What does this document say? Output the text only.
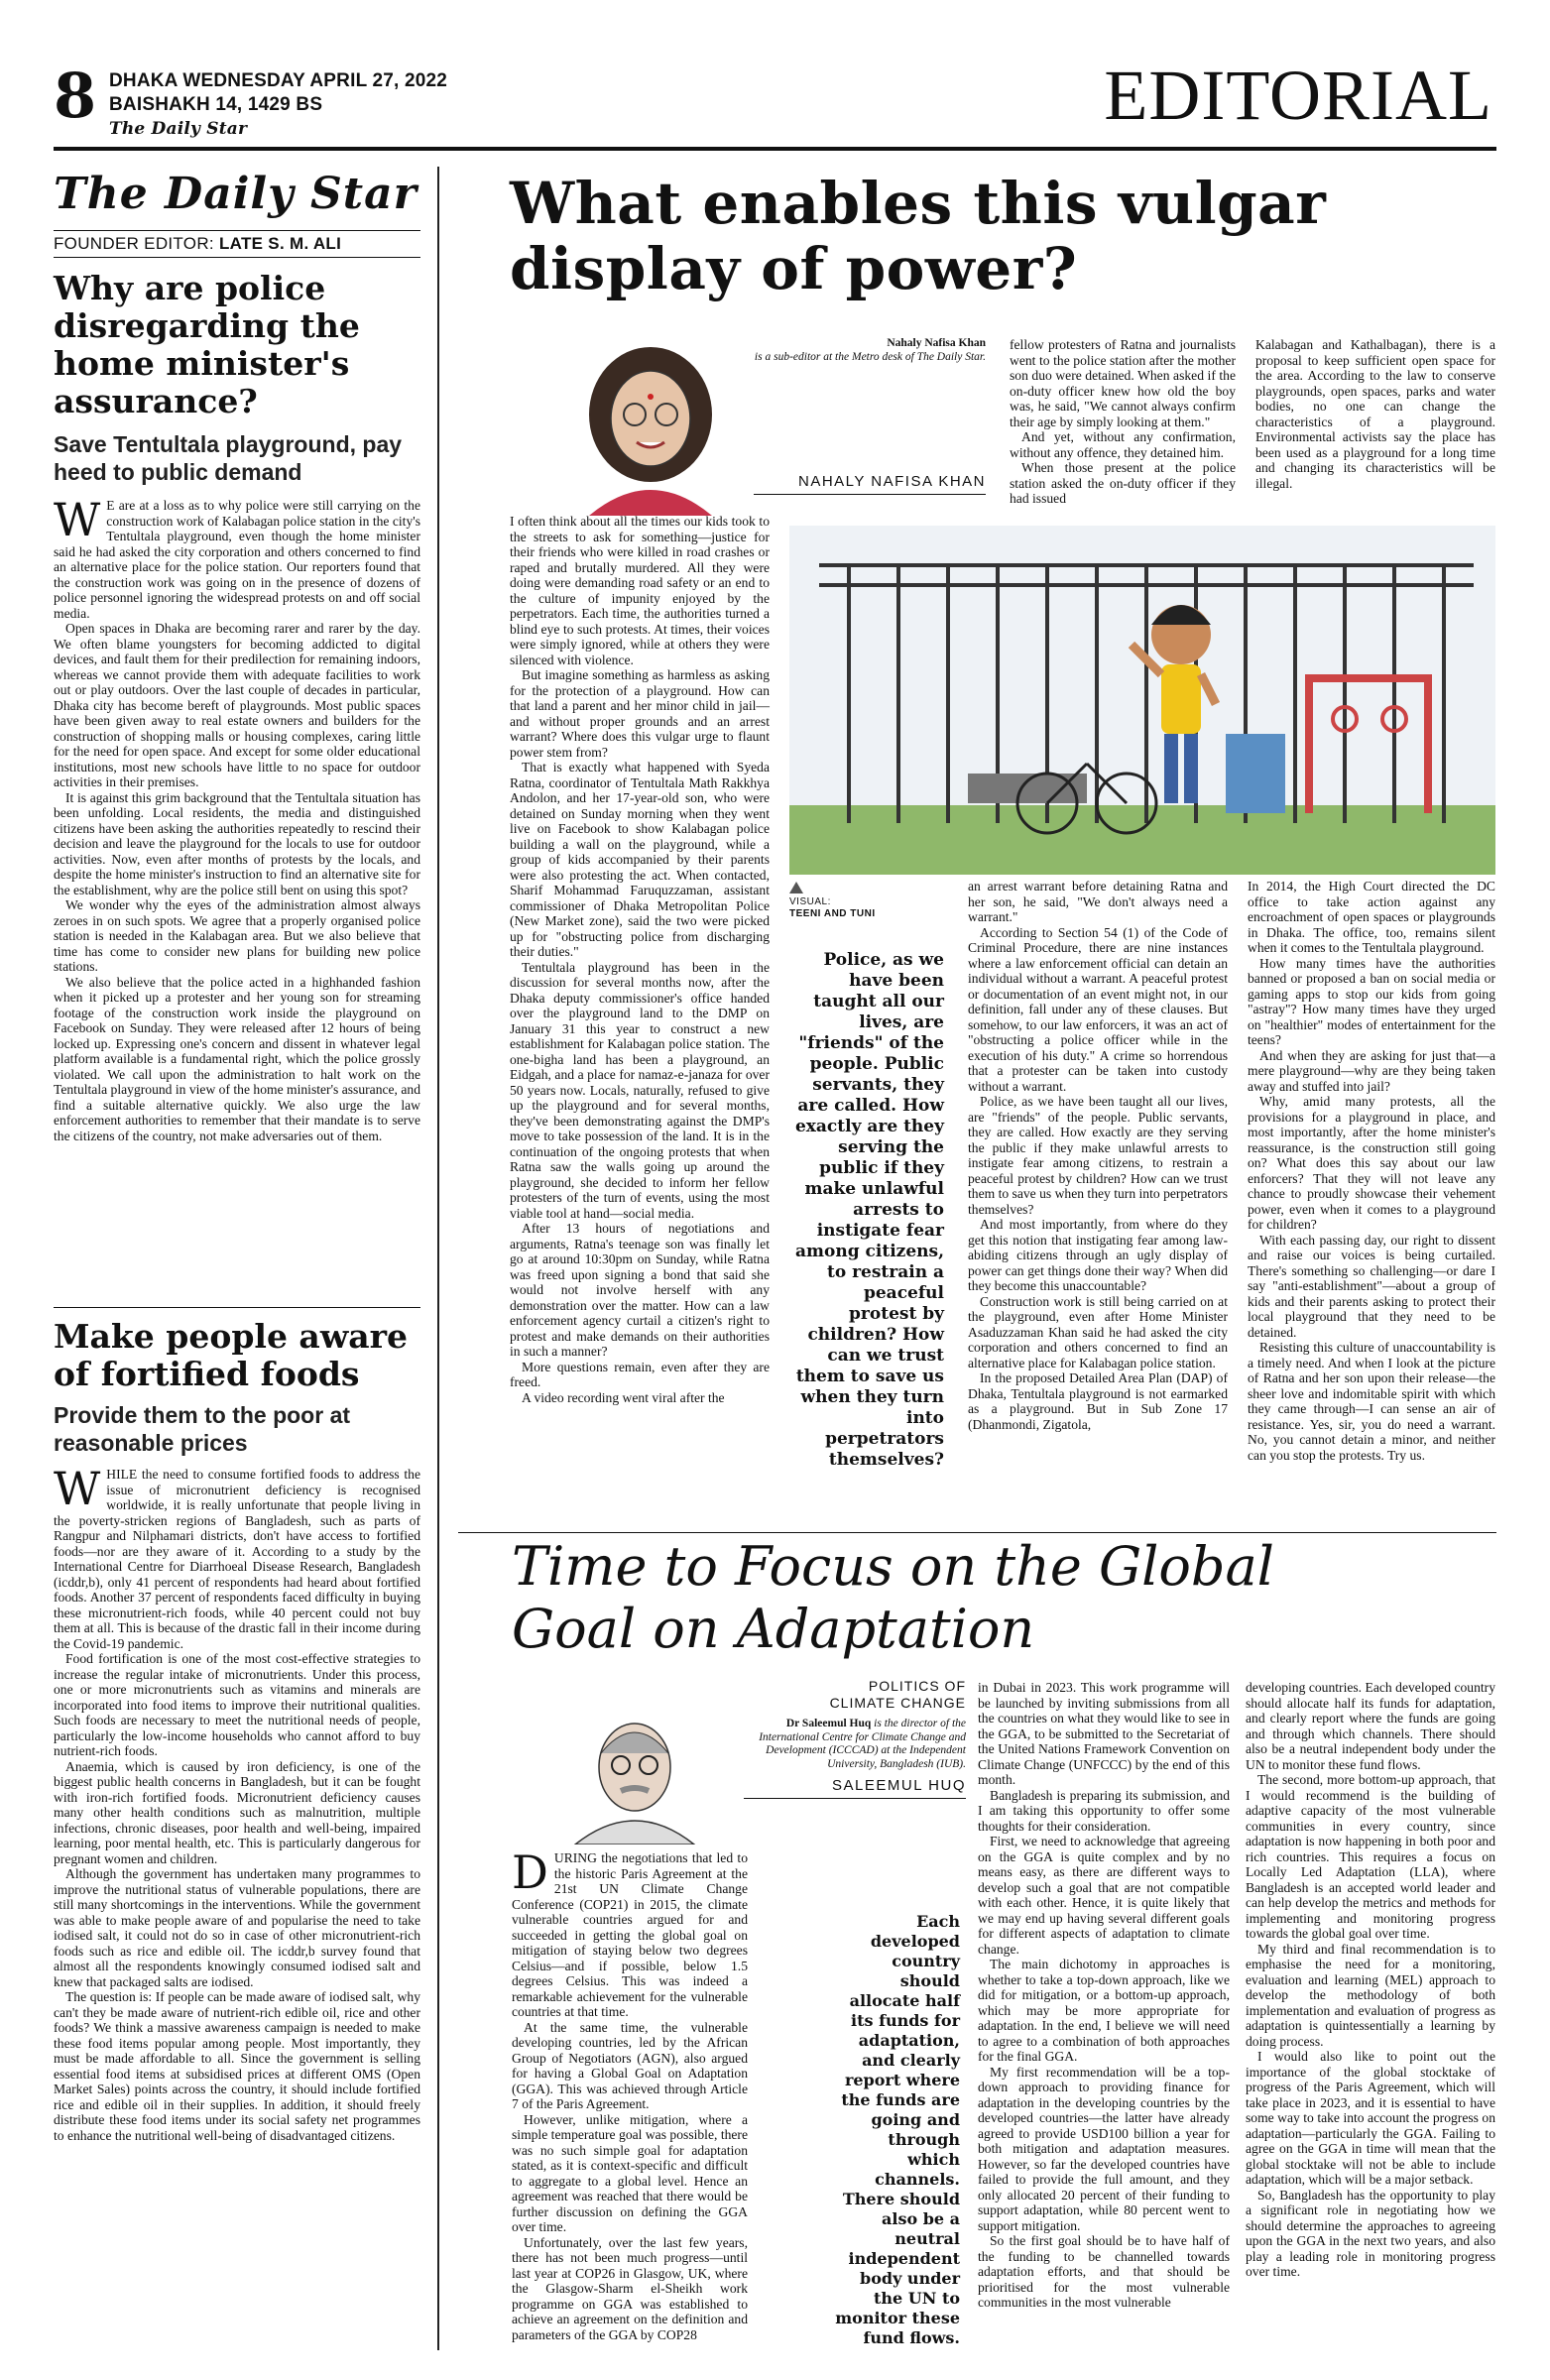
8 DHAKA WEDNESDAY APRIL 27, 2022
BAISHAKH 14, 1429 BS
The Daily Star	EDITORIAL
The Daily Star
FOUNDER EDITOR: LATE S. M. ALI
Why are police disregarding the home minister's assurance?
Save Tentultala playground, pay heed to public demand

W E are at a loss as to why police were still carrying on the construction work of Kalabagan police station in the city's Tentultala playground, even though the home minister said he had asked the city corporation and others concerned to find an alternative place for the police station. Our reporters found that the construction work was going on in the presence of dozens of police personnel ignoring the widespread protests on and off social media.

Open spaces in Dhaka are becoming rarer and rarer by the day. We often blame youngsters for becoming addicted to digital devices, and fault them for their predilection for remaining indoors, whereas we cannot provide them with adequate facilities to work out or play outdoors. Over the last couple of decades in particular, Dhaka city has become bereft of playgrounds. Most public spaces have been given away to real estate owners and builders for the construction of shopping malls or housing complexes, caring little for the need for open space. And except for some older educational institutions, most new schools have little to no space for outdoor activities in their premises.

It is against this grim background that the Tentultala situation has been unfolding. Local residents, the media and distinguished citizens have been asking the authorities repeatedly to rescind their decision and leave the playground for the locals to use for outdoor activities. Now, even after months of protests by the locals, and despite the home minister's instruction to find an alternative site for the establishment, why are the police still bent on using this spot?

We wonder why the eyes of the administration almost always zeroes in on such spots. We agree that a properly organised police station is needed in the Kalabagan area. But we also believe that time has come to consider new plans for building new police stations.

We also believe that the police acted in a highhanded fashion when it picked up a protester and her young son for streaming footage of the construction work inside the playground on Facebook on Sunday. They were released after 12 hours of being locked up. Expressing one's concern and dissent in whatever legal platform available is a fundamental right, which the police grossly violated. We call upon the administration to halt work on the Tentultala playground in view of the home minister's assurance, and find a suitable alternative quickly. We also urge the law enforcement authorities to remember that their mandate is to serve the citizens of the country, not make adversaries out of them.

Make people aware of fortified foods
Provide them to the poor at reasonable prices

WHILE the need to consume fortified foods to address the issue of micronutrient deficiency is recognised worldwide, it is really unfortunate that people living in the poverty-stricken regions of Bangladesh, such as parts of Rangpur and Nilphamari districts, don't have access to fortified foods—nor are they aware of it. According to a study by the International Centre for Diarrhoeal Disease Research, Bangladesh (icddr,b), only 41 percent of respondents had heard about fortified foods. Another 37 percent of respondents faced difficulty in buying these micronutrient-rich foods, while 40 percent could not buy them at all. This is because of the drastic fall in their income during the Covid-19 pandemic.

Food fortification is one of the most cost-effective strategies to increase the regular intake of micronutrients. Under this process, one or more micronutrients such as vitamins and minerals are incorporated into food items to improve their nutritional qualities. Such foods are necessary to meet the nutritional needs of people, particularly the low-income households who cannot afford to buy nutrient-rich foods.

Anaemia, which is caused by iron deficiency, is one of the biggest public health concerns in Bangladesh, but it can be fought with iron-rich fortified foods. Micronutrient deficiency causes many other health conditions such as malnutrition, multiple infections, chronic diseases, poor health and well-being, impaired learning, poor mental health, etc. This is particularly dangerous for pregnant women and children.

Although the government has undertaken many programmes to improve the nutritional status of vulnerable populations, there are still many shortcomings in the interventions. While the government was able to make people aware of and popularise the need to take iodised salt, it could not do so in case of other micronutrient-rich foods such as rice and edible oil. The icddr,b survey found that almost all the respondents knowingly consumed iodised salt and knew that packaged salts are iodised.

The question is: If people can be made aware of iodised salt, why can't they be made aware of nutrient-rich edible oil, rice and other foods? We think a massive awareness campaign is needed to make these food items popular among people. Most importantly, they must be made affordable to all. Since the government is selling essential food items at subsidised prices at different OMS (Open Market Sales) points across the country, it should include fortified rice and edible oil in their supplies. In addition, it should freely distribute these food items under its social safety net programmes to enhance the nutritional well-being of disadvantaged citizens.

What enables this vulgar
display of power?
Nahaly Nafisa Khan
is a sub-editor at the Metro desk of The Daily Star.
NAHALY NAFISA KHAN

fellow protesters of Ratna and journalists went to the police station after the mother son duo were detained. When asked if the on-duty officer knew how old the boy was, he said, "We cannot always confirm their age by simply looking at them."

And yet, without any confirmation, without any offence, they detained him.

When those present at the police station asked the on-duty officer if they had issued

Kalabagan and Kathalbagan), there is a proposal to keep sufficient open space for the area. According to the law to conserve playgrounds, open spaces, parks and water bodies, no one can change the characteristics of a playground. Environmental activists say the place has been used as a playground for a long time and changing its characteristics will be illegal.

I often think about all the times our kids took to the streets to ask for something—justice for their friends who were killed in road crashes or raped and brutally murdered. All they were doing were demanding road safety or an end to the culture of impunity enjoyed by the perpetrators. Each time, the authorities turned a blind eye to such protests. At times, their voices were simply ignored, while at others they were silenced with violence.

But imagine something as harmless as asking for the protection of a playground. How can that land a parent and her minor child in jail—and without proper grounds and an arrest warrant? Where does this vulgar urge to flaunt power stem from?

That is exactly what happened with Syeda Ratna, coordinator of Tentultala Math Rakkhya Andolon, and her 17-year-old son, who were detained on Sunday morning when they went live on Facebook to show Kalabagan police building a wall on the playground, while a group of kids accompanied by their parents were also protesting the act. When contacted, Sharif Mohammad Faruquzzaman, assistant commissioner of Dhaka Metropolitan Police (New Market zone), said the two were picked up for "obstructing police from discharging their duties."

Tentultala playground has been in the discussion for several months now, after the Dhaka deputy commissioner's office handed over the playground land to the DMP on January 31 this year to construct a new establishment for Kalabagan police station. The one-bigha land has been a playground, an Eidgah, and a place for namaz-e-janaza for over 50 years now. Locals, naturally, refused to give up the playground and for several months, they've been demonstrating against the DMP's move to take possession of the land. It is in the continuation of the ongoing protests that when Ratna saw the walls going up around the playground, she decided to inform her fellow protesters of the turn of events, using the most viable tool at hand—social media.

After 13 hours of negotiations and arguments, Ratna's teenage son was finally let go at around 10:30pm on Sunday, while Ratna was freed upon signing a bond that said she would not involve herself with any demonstration over the matter. How can a law enforcement agency curtail a citizen's right to protest and make demands on their authorities in such a manner?

More questions remain, even after they are freed.

A video recording went viral after the

VISUAL:
TEENI AND TUNI
Police, as we have been taught all our lives, are "friends" of the people. Public servants, they are called. How exactly are they serving the public if they make unlawful arrests to instigate fear among citizens, to restrain a peaceful protest by children? How can we trust them to save us when they turn into perpetrators themselves?

an arrest warrant before detaining Ratna and her son, he said, "We don't always need a warrant."

According to Section 54 (1) of the Code of Criminal Procedure, there are nine instances where a law enforcement official can detain an individual without a warrant. A peaceful protest or documentation of an event might not, in our definition, fall under any of these clauses. But somehow, to our law enforcers, it was an act of "obstructing a police officer while in the execution of his duty." A crime so horrendous that a protester can be taken into custody without a warrant.

Police, as we have been taught all our lives, are "friends" of the people. Public servants, they are called. How exactly are they serving the public if they make unlawful arrests to instigate fear among citizens, to restrain a peaceful protest by children? How can we trust them to save us when they turn into perpetrators themselves?

And most importantly, from where do they get this notion that instigating fear among law-abiding citizens through an ugly display of power can get things done their way? When did they become this unaccountable?

Construction work is still being carried on at the playground, even after Home Minister Asaduzzaman Khan said he had asked the city corporation and others concerned to find an alternative place for Kalabagan police station.

In the proposed Detailed Area Plan (DAP) of Dhaka, Tentultala playground is not earmarked as a playground. But in Sub Zone 17 (Dhanmondi, Zigatola,

In 2014, the High Court directed the DC office to take action against any encroachment of open spaces or playgrounds in Dhaka. The office, too, remains silent when it comes to the Tentultala playground.

How many times have the authorities banned or proposed a ban on social media or gaming apps to stop our kids from going "astray"? How many times have they urged on "healthier" modes of entertainment for the teens?

And when they are asking for just that—a mere playground—why are they being taken away and stuffed into jail?

Why, amid many protests, all the provisions for a playground in place, and most importantly, after the home minister's reassurance, is the construction still going on? What does this say about our law enforcers? That they will not leave any chance to proudly showcase their vehement power, even when it comes to a playground for children?

With each passing day, our right to dissent and raise our voices is being curtailed. There's something so challenging—or dare I say "anti-establishment"—about a group of kids and their parents asking to protect their local playground that they need to be detained.

Resisting this culture of unaccountability is a timely need. And when I look at the picture of Ratna and her son upon their release—the sheer love and indomitable spirit with which they came through—I can sense an air of resistance. Yes, sir, you do need a warrant. No, you cannot detain a minor, and neither can you stop the protests. Try us.

Time to Focus on the Global
Goal on Adaptation
POLITICS OF
CLIMATE CHANGE
Dr Saleemul Huq is the director of the International Centre for Climate Change and Development (ICCCAD) at the Independent University, Bangladesh (IUB).
SALEEMUL HUQ

DURING the negotiations that led to the historic Paris Agreement at the 21st UN Climate Change Conference (COP21) in 2015, the climate vulnerable countries argued for and succeeded in getting the global goal on mitigation of staying below two degrees Celsius—and if possible, below 1.5 degrees Celsius. This was indeed a remarkable achievement for the vulnerable countries at that time.

At the same time, the vulnerable developing countries, led by the African Group of Negotiators (AGN), also argued for having a Global Goal on Adaptation (GGA). This was achieved through Article 7 of the Paris Agreement.

However, unlike mitigation, where a simple temperature goal was possible, there was no such simple goal for adaptation stated, as it is context-specific and difficult to aggregate to a global level. Hence an agreement was reached that there would be further discussion on defining the GGA over time.

Unfortunately, over the last few years, there has not been much progress—until last year at COP26 in Glasgow, UK, where the Glasgow-Sharm el-Sheikh work programme on GGA was established to achieve an agreement on the definition and parameters of the GGA by COP28

Each developed country should allocate half its funds for adaptation, and clearly report where the funds are going and through which channels. There should also be a neutral independent body under the UN to monitor these fund flows.

in Dubai in 2023. This work programme will be launched by inviting submissions from all the countries on what they would like to see in the GGA, to be submitted to the Secretariat of the United Nations Framework Convention on Climate Change (UNFCCC) by the end of this month.

Bangladesh is preparing its submission, and I am taking this opportunity to offer some thoughts for their consideration.

First, we need to acknowledge that agreeing on the GGA is quite complex and by no means easy, as there are different ways to develop such a goal that are not compatible with each other. Hence, it is quite likely that we may end up having several different goals for different aspects of adaptation to climate change.

The main dichotomy in approaches is whether to take a top-down approach, like we did for mitigation, or a bottom-up approach, which may be more appropriate for adaptation. In the end, I believe we will need to agree to a combination of both approaches for the final GGA.

My first recommendation will be a top-down approach to providing finance for adaptation in the developing countries by the developed countries—the latter have already agreed to provide USD100 billion a year for both mitigation and adaptation measures. However, so far the developed countries have failed to provide the full amount, and they only allocated 20 percent of their funding to support adaptation, while 80 percent went to support mitigation.

So the first goal should be to have half of the funding to be channelled towards adaptation efforts, and that should be prioritised for the most vulnerable communities in the most vulnerable

developing countries. Each developed country should allocate half its funds for adaptation, and clearly report where the funds are going and through which channels. There should also be a neutral independent body under the UN to monitor these fund flows.

The second, more bottom-up approach, that I would recommend is the building of adaptive capacity of the most vulnerable communities in every country, since adaptation is now happening in both poor and rich countries. This requires a focus on Locally Led Adaptation (LLA), where Bangladesh is an accepted world leader and can help develop the metrics and methods for implementing and monitoring progress towards the global goal over time.

My third and final recommendation is to emphasise the need for a monitoring, evaluation and learning (MEL) approach to develop the methodology of both implementation and evaluation of progress as adaptation is quintessentially a learning by doing process.

I would also like to point out the importance of the global stocktake of progress of the Paris Agreement, which will take place in 2023, and it is essential to have some way to take into account the progress on adaptation—particularly the GGA. Failing to agree on the GGA in time will mean that the global stocktake will not be able to include adaptation, which will be a major setback.

So, Bangladesh has the opportunity to play a significant role in negotiating how we should determine the approaches to agreeing upon the GGA in the next two years, and also play a leading role in monitoring progress over time.
